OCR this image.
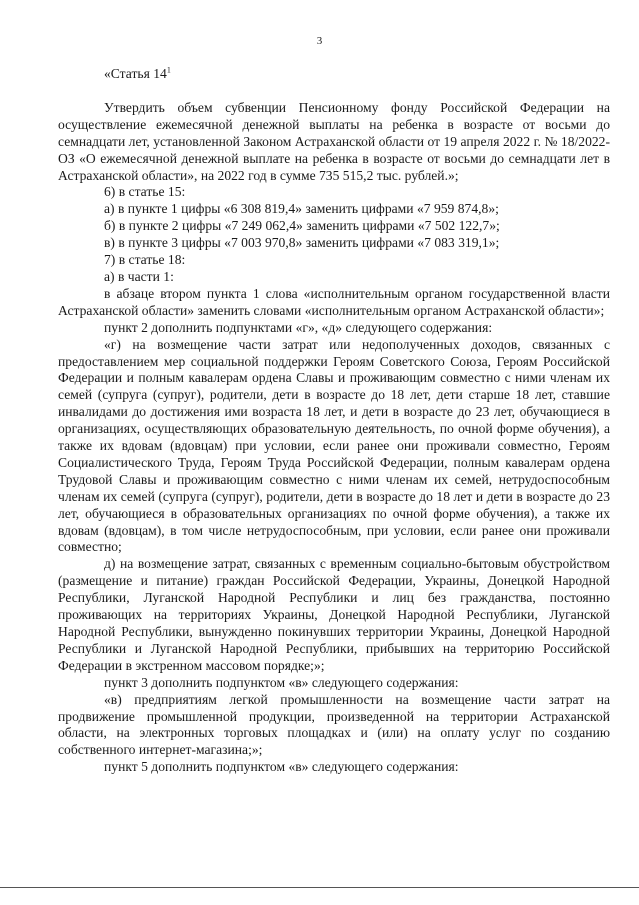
3

«Статья $14^1$

Утвердить объем субвенции Пенсионному фонду Российской Федерации на осуществление ежемесячной денежной выплаты на ребенка в возрасте от восьми до семнадцати лет, установленной Законом Астраханской области от 19 апреля 2022 г. № 18/2022-ОЗ «О ежемесячной денежной выплате на ребенка в возрасте от восьми до семнадцати лет в Астраханской области», на 2022 год в сумме 735 515,2 тыс. рублей.»;

6) в статье 15:

а) в пункте 1 цифры «6 308 819,4» заменить цифрами «7 959 874,8»;

б) в пункте 2 цифры «7 249 062,4» заменить цифрами «7 502 122,7»;

в) в пункте 3 цифры «7 003 970,8» заменить цифрами «7 083 319,1»;

7) в статье 18:

а) в части 1:

в абзаце втором пункта 1 слова «исполнительным органом государственной власти Астраханской области» заменить словами «исполнительным органом Астраханской области»;

пункт 2 дополнить подпунктами «г», «д» следующего содержания:

«г) на возмещение части затрат или недополученных доходов, связанных с предоставлением мер социальной поддержки Героям Советского Союза, Героям Российской Федерации и полным кавалерам ордена Славы и проживающим совместно с ними членам их семей (супруга (супруг), родители, дети в возрасте до 18 лет, дети старше 18 лет, ставшие инвалидами до достижения ими возраста 18 лет, и дети в возрасте до 23 лет, обучающиеся в организациях, осуществляющих образовательную деятельность, по очной форме обучения), а также их вдовам (вдовцам) при условии, если ранее они проживали совместно, Героям Социалистического Труда, Героям Труда Российской Федерации, полным кавалерам ордена Трудовой Славы и проживающим совместно с ними членам их семей, нетрудоспособным членам их семей (супруга (супруг), родители, дети в возрасте до 18 лет и дети в возрасте до 23 лет, обучающиеся в образовательных организациях по очной форме обучения), а также их вдовам (вдовцам), в том числе нетрудоспособным, при условии, если ранее они проживали совместно;

д) на возмещение затрат, связанных с временным социально-бытовым обустройством (размещение и питание) граждан Российской Федерации, Украины, Донецкой Народной Республики, Луганской Народной Республики и лиц без гражданства, постоянно проживающих на территориях Украины, Донецкой Народной Республики, Луганской Народной Республики, вынужденно покинувших территории Украины, Донецкой Народной Республики и Луганской Народной Республики, прибывших на территорию Российской Федерации в экстренном массовом порядке;»;

пункт 3 дополнить подпунктом «в» следующего содержания:

«в) предприятиям легкой промышленности на возмещение части затрат на продвижение промышленной продукции, произведенной на территории Астраханской области, на электронных торговых площадках и (или) на оплату услуг по созданию собственного интернет-магазина;»;

пункт 5 дополнить подпунктом «в» следующего содержания:
